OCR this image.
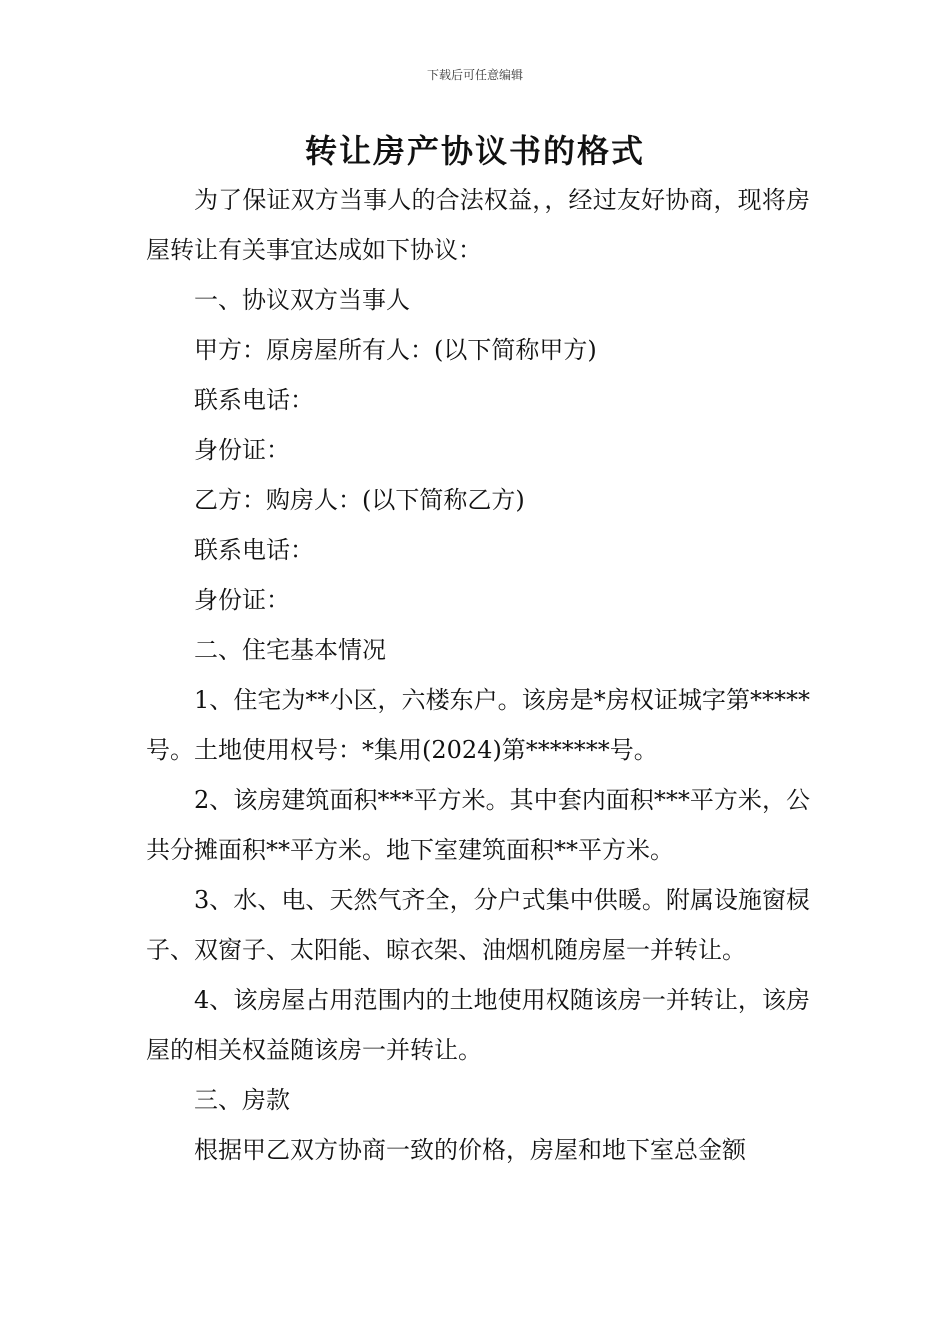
下载后可任意编辑
转让房产协议书的格式

为了保证双方当事人的合法权益，，经过友好协商，现将房屋转让有关事宜达成如下协议：

一、协议双方当事人

甲方：原房屋所有人：(以下简称甲方)

联系电话：

身份证：

乙方：购房人：(以下简称乙方)

联系电话：

身份证：

二、住宅基本情况

1、住宅为**小区，六楼东户。该房是*房权证城字第*****号。土地使用权号：*集用(2024)第*******号。

2、该房建筑面积***平方米。其中套内面积***平方米，公共分摊面积**平方米。地下室建筑面积**平方米。

3、水、电、天然气齐全，分户式集中供暖。附属设施窗棂子、双窗子、太阳能、晾衣架、油烟机随房屋一并转让。

4、该房屋占用范围内的土地使用权随该房一并转让，该房屋的相关权益随该房一并转让。

三、房款

根据甲乙双方协商一致的价格，房屋和地下室总金额
